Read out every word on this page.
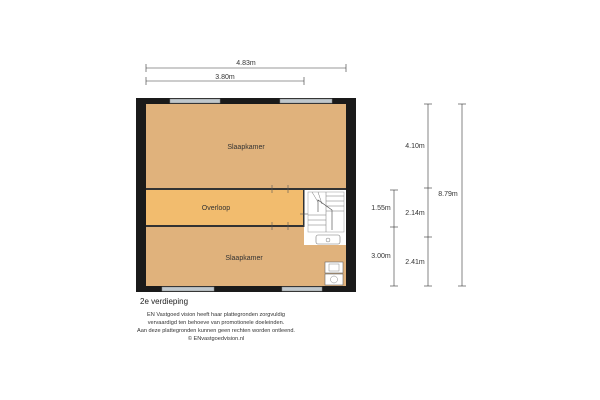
Slaapkamer
Overloop
Slaapkamer
4.83m
3.80m
4.10m
2.14m
2.41m
8.79m
1.55m
3.00m
2e verdieping
EN Vastgoed vision heeft haar plattegronden zorgvuldig
vervaardigd ten behoeve van promotionele doeleinden.
Aan deze plattegronden kunnen geen rechten worden ontleend.
© ENvastgoedvision.nl
